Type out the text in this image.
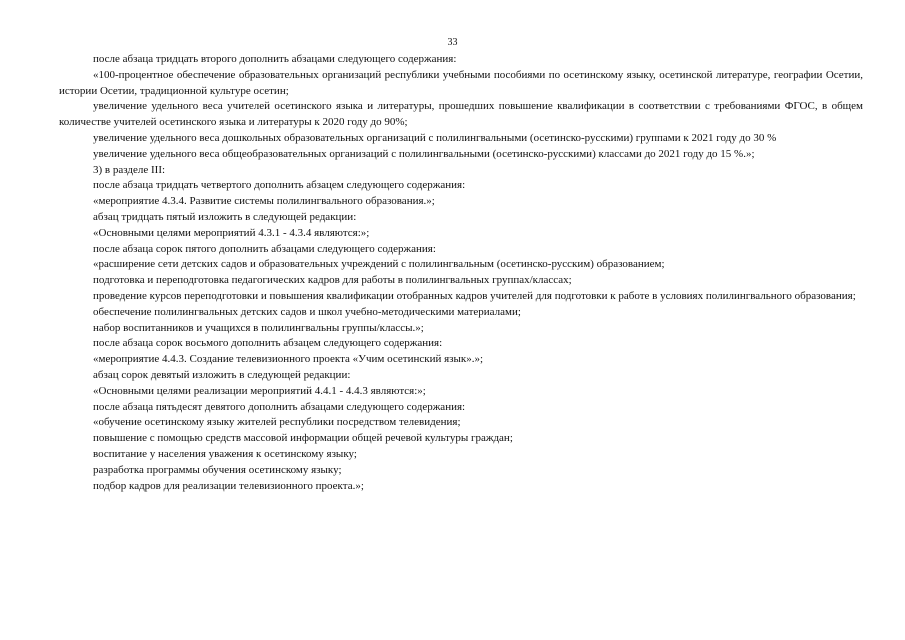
33

после абзаца тридцать второго дополнить абзацами следующего содержания:

«100-процентное обеспечение образовательных организаций республики учебными пособиями по осетинскому языку, осетинской литературе, географии Осетии, истории Осетии, традиционной культуре осетин;

увеличение удельного веса учителей осетинского языка и литературы, прошедших повышение квалификации в соответствии с требованиями ФГОС, в общем количестве учителей осетинского языка и литературы к 2020 году до 90%;

увеличение удельного веса дошкольных образовательных организаций с полилингвальными (осетинско-русскими) группами к 2021 году до 30 %

увеличение удельного веса общеобразовательных организаций с полилингвальными (осетинско-русскими) классами до 2021 году до 15 %.»;

3) в разделе III:

после абзаца тридцать четвертого дополнить абзацем следующего содержания:

«мероприятие 4.3.4. Развитие системы полилингвального образования.»;

абзац тридцать пятый изложить в следующей редакции:

«Основными целями мероприятий 4.3.1 - 4.3.4 являются:»;

после абзаца сорок пятого дополнить абзацами следующего содержания:

«расширение сети детских садов и образовательных учреждений с полилингвальным (осетинско-русским) образованием;

подготовка и переподготовка педагогических кадров для работы в полилингвальных группах/классах;

проведение курсов переподготовки и повышения квалификации отобранных кадров учителей для подготовки к работе в условиях полилингвального образования;

обеспечение полилингвальных детских садов и школ учебно-методическими материалами;

набор воспитанников и учащихся в полилингвальны группы/классы.»;

после абзаца сорок восьмого дополнить абзацем следующего содержания:

«мероприятие 4.4.3. Создание телевизионного проекта «Учим осетинский язык».»;

абзац сорок девятый изложить в следующей редакции:

«Основными целями реализации мероприятий 4.4.1 - 4.4.3 являются:»;

после абзаца пятьдесят девятого дополнить абзацами следующего содержания:

«обучение осетинскому языку жителей республики посредством телевидения;

повышение с помощью средств массовой информации общей речевой культуры граждан;

воспитание у населения уважения к осетинскому языку;

разработка программы обучения осетинскому языку;

подбор кадров для реализации телевизионного проекта.»;
